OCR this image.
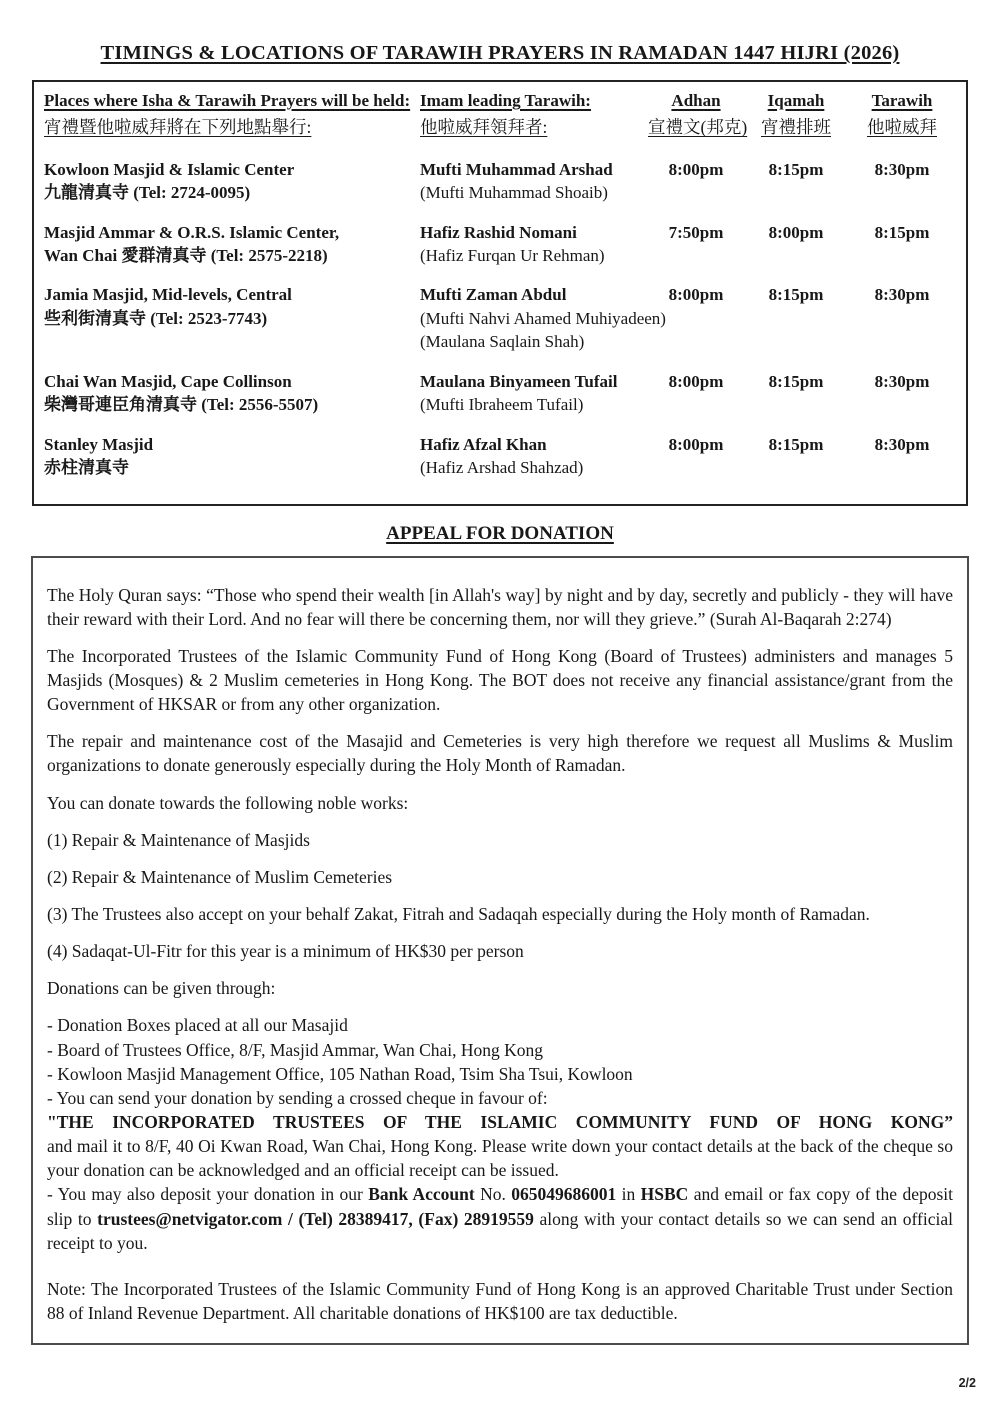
TIMINGS & LOCATIONS OF TARAWIH PRAYERS IN RAMADAN 1447 HIJRI (2026)
Places where Isha & Tarawih Prayers will be held:
宵禮暨他啦威拜將在下列地點舉行:
Imam leading Tarawih:
他啦威拜領拜者:
Adhan
宣禮文(邦克)
Iqamah
宵禮排班
Tarawih
他啦威拜
Kowloon Masjid & Islamic Center
九龍清真寺 (Tel: 2724-0095)
Mufti Muhammad Arshad
(Mufti Muhammad Shoaib)
8:00pm	8:15pm	8:30pm
Masjid Ammar & O.R.S. Islamic Center,
Wan Chai 愛群清真寺 (Tel: 2575-2218)
Hafiz Rashid Nomani
(Hafiz Furqan Ur Rehman)
7:50pm	8:00pm	8:15pm
Jamia Masjid, Mid-levels, Central
些利街清真寺 (Tel: 2523-7743)
Mufti Zaman Abdul
(Mufti Nahvi Ahamed Muhiyadeen)
(Maulana Saqlain Shah)
8:00pm	8:15pm	8:30pm
Chai Wan Masjid, Cape Collinson
柴灣哥連臣角清真寺 (Tel: 2556-5507)
Maulana Binyameen Tufail
(Mufti Ibraheem Tufail)
8:00pm	8:15pm	8:30pm
Stanley Masjid
赤柱清真寺
Hafiz Afzal Khan
(Hafiz Arshad Shahzad)
8:00pm	8:15pm	8:30pm
APPEAL FOR DONATION

The Holy Quran says: “Those who spend their wealth [in Allah's way] by night and by day, secretly and publicly - they will have their reward with their Lord. And no fear will there be concerning them, nor will they grieve.” (Surah Al-Baqarah 2:274)

The Incorporated Trustees of the Islamic Community Fund of Hong Kong (Board of Trustees) administers and manages 5 Masjids (Mosques) & 2 Muslim cemeteries in Hong Kong. The BOT does not receive any financial assistance/grant from the Government of HKSAR or from any other organization.

The repair and maintenance cost of the Masajid and Cemeteries is very high therefore we request all Muslims & Muslim organizations to donate generously especially during the Holy Month of Ramadan.

You can donate towards the following noble works:

(1) Repair & Maintenance of Masjids

(2) Repair & Maintenance of Muslim Cemeteries

(3) The Trustees also accept on your behalf Zakat, Fitrah and Sadaqah especially during the Holy month of Ramadan.

(4) Sadaqat-Ul-Fitr for this year is a minimum of HK$30 per person

Donations can be given through:

- Donation Boxes placed at all our Masajid

- Board of Trustees Office, 8/F, Masjid Ammar, Wan Chai, Hong Kong

- Kowloon Masjid Management Office, 105 Nathan Road, Tsim Sha Tsui, Kowloon

- You can send your donation by sending a crossed cheque in favour of:

"THE INCORPORATED TRUSTEES OF THE ISLAMIC COMMUNITY FUND OF HONG KONG”

and mail it to 8/F, 40 Oi Kwan Road, Wan Chai, Hong Kong. Please write down your contact details at the back of the cheque so your donation can be acknowledged and an official receipt can be issued.

- You may also deposit your donation in our Bank Account No. 065049686001 in HSBC and email or fax copy of the deposit slip to trustees@netvigator.com / (Tel) 28389417, (Fax) 28919559 along with your contact details so we can send an official receipt to you.

Note: The Incorporated Trustees of the Islamic Community Fund of Hong Kong is an approved Charitable Trust under Section 88 of Inland Revenue Department. All charitable donations of HK$100 are tax deductible.

2/2
